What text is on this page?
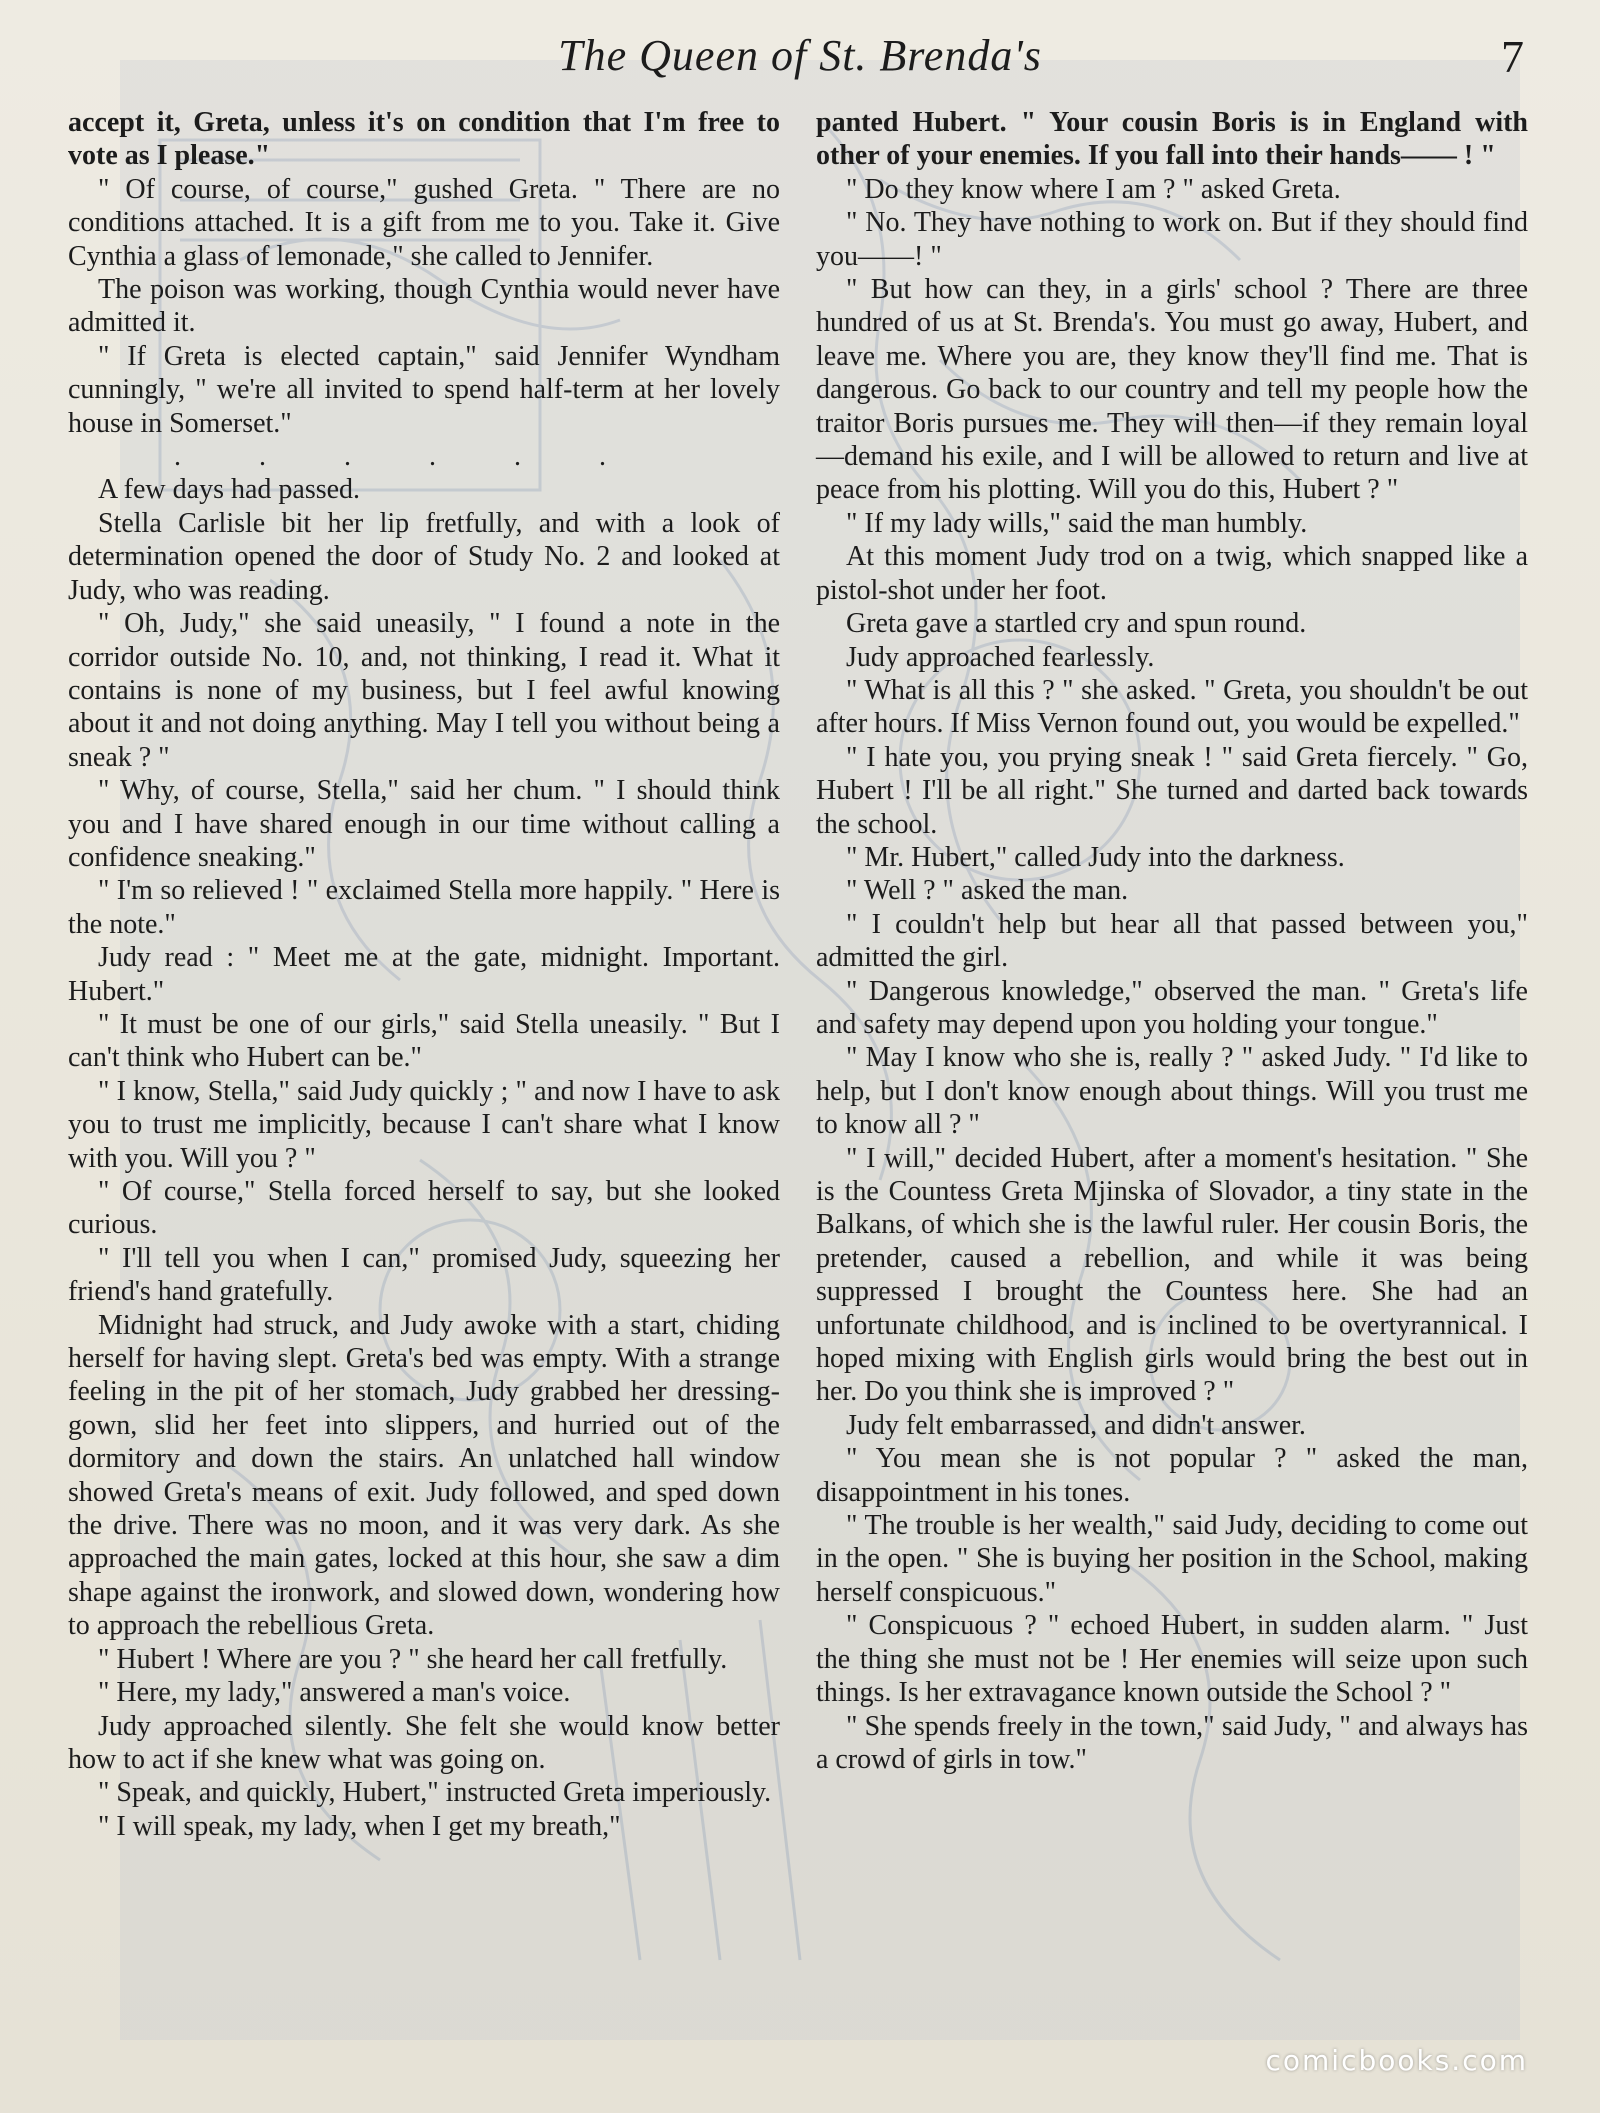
The Queen of St. Brenda's	7

accept it, Greta, unless it's on condition that I'm free to vote as I please."

" Of course, of course," gushed Greta. " There are no conditions attached. It is a gift from me to you. Take it. Give Cynthia a glass of lemonade," she called to Jennifer.

The poison was working, though Cynthia would never have admitted it.

" If Greta is elected captain," said Jennifer Wyndham cunningly, " we're all invited to spend half-term at her lovely house in Somerset."

......

A few days had passed.

Stella Carlisle bit her lip fretfully, and with a look of determination opened the door of Study No. 2 and looked at Judy, who was reading.

" Oh, Judy," she said uneasily, " I found a note in the corridor outside No. 10, and, not thinking, I read it. What it contains is none of my business, but I feel awful knowing about it and not doing anything. May I tell you without being a sneak ? "

" Why, of course, Stella," said her chum. " I should think you and I have shared enough in our time without calling a confidence sneaking."

" I'm so relieved ! " exclaimed Stella more happily. " Here is the note."

Judy read : " Meet me at the gate, midnight. Important. Hubert."

" It must be one of our girls," said Stella uneasily. " But I can't think who Hubert can be."

" I know, Stella," said Judy quickly ; " and now I have to ask you to trust me implicitly, because I can't share what I know with you. Will you ? "

" Of course," Stella forced herself to say, but she looked curious.

" I'll tell you when I can," promised Judy, squeezing her friend's hand gratefully.

Midnight had struck, and Judy awoke with a start, chiding herself for having slept. Greta's bed was empty. With a strange feeling in the pit of her stomach, Judy grabbed her dressing-gown, slid her feet into slippers, and hurried out of the dormitory and down the stairs. An unlatched hall window showed Greta's means of exit. Judy followed, and sped down the drive. There was no moon, and it was very dark. As she approached the main gates, locked at this hour, she saw a dim shape against the ironwork, and slowed down, wondering how to approach the rebellious Greta.

" Hubert ! Where are you ? " she heard her call fretfully.

" Here, my lady," answered a man's voice.

Judy approached silently. She felt she would know better how to act if she knew what was going on.

" Speak, and quickly, Hubert," instructed Greta imperiously.

" I will speak, my lady, when I get my breath,"

panted Hubert. " Your cousin Boris is in England with other of your enemies. If you fall into their hands—— ! "

" Do they know where I am ? " asked Greta.

" No. They have nothing to work on. But if they should find you——! "

" But how can they, in a girls' school ? There are three hundred of us at St. Brenda's. You must go away, Hubert, and leave me. Where you are, they know they'll find me. That is dangerous. Go back to our country and tell my people how the traitor Boris pursues me. They will then—if they remain loyal—demand his exile, and I will be allowed to return and live at peace from his plotting. Will you do this, Hubert ? "

" If my lady wills," said the man humbly.

At this moment Judy trod on a twig, which snapped like a pistol-shot under her foot.

Greta gave a startled cry and spun round.

Judy approached fearlessly.

" What is all this ? " she asked. " Greta, you shouldn't be out after hours. If Miss Vernon found out, you would be expelled."

" I hate you, you prying sneak ! " said Greta fiercely. " Go, Hubert ! I'll be all right." She turned and darted back towards the school.

" Mr. Hubert," called Judy into the darkness.

" Well ? " asked the man.

" I couldn't help but hear all that passed between you," admitted the girl.

" Dangerous knowledge," observed the man. " Greta's life and safety may depend upon you holding your tongue."

" May I know who she is, really ? " asked Judy. " I'd like to help, but I don't know enough about things. Will you trust me to know all ? "

" I will," decided Hubert, after a moment's hesitation. " She is the Countess Greta Mjinska of Slovador, a tiny state in the Balkans, of which she is the lawful ruler. Her cousin Boris, the pretender, caused a rebellion, and while it was being suppressed I brought the Countess here. She had an unfortunate childhood, and is inclined to be overtyrannical. I hoped mixing with English girls would bring the best out in her. Do you think she is improved ? "

Judy felt embarrassed, and didn't answer.

" You mean she is not popular ? " asked the man, disappointment in his tones.

" The trouble is her wealth," said Judy, deciding to come out in the open. " She is buying her position in the School, making herself conspicuous."

" Conspicuous ? " echoed Hubert, in sudden alarm. " Just the thing she must not be ! Her enemies will seize upon such things. Is her extravagance known outside the School ? "

" She spends freely in the town," said Judy, " and always has a crowd of girls in tow."

comicbooks.com
